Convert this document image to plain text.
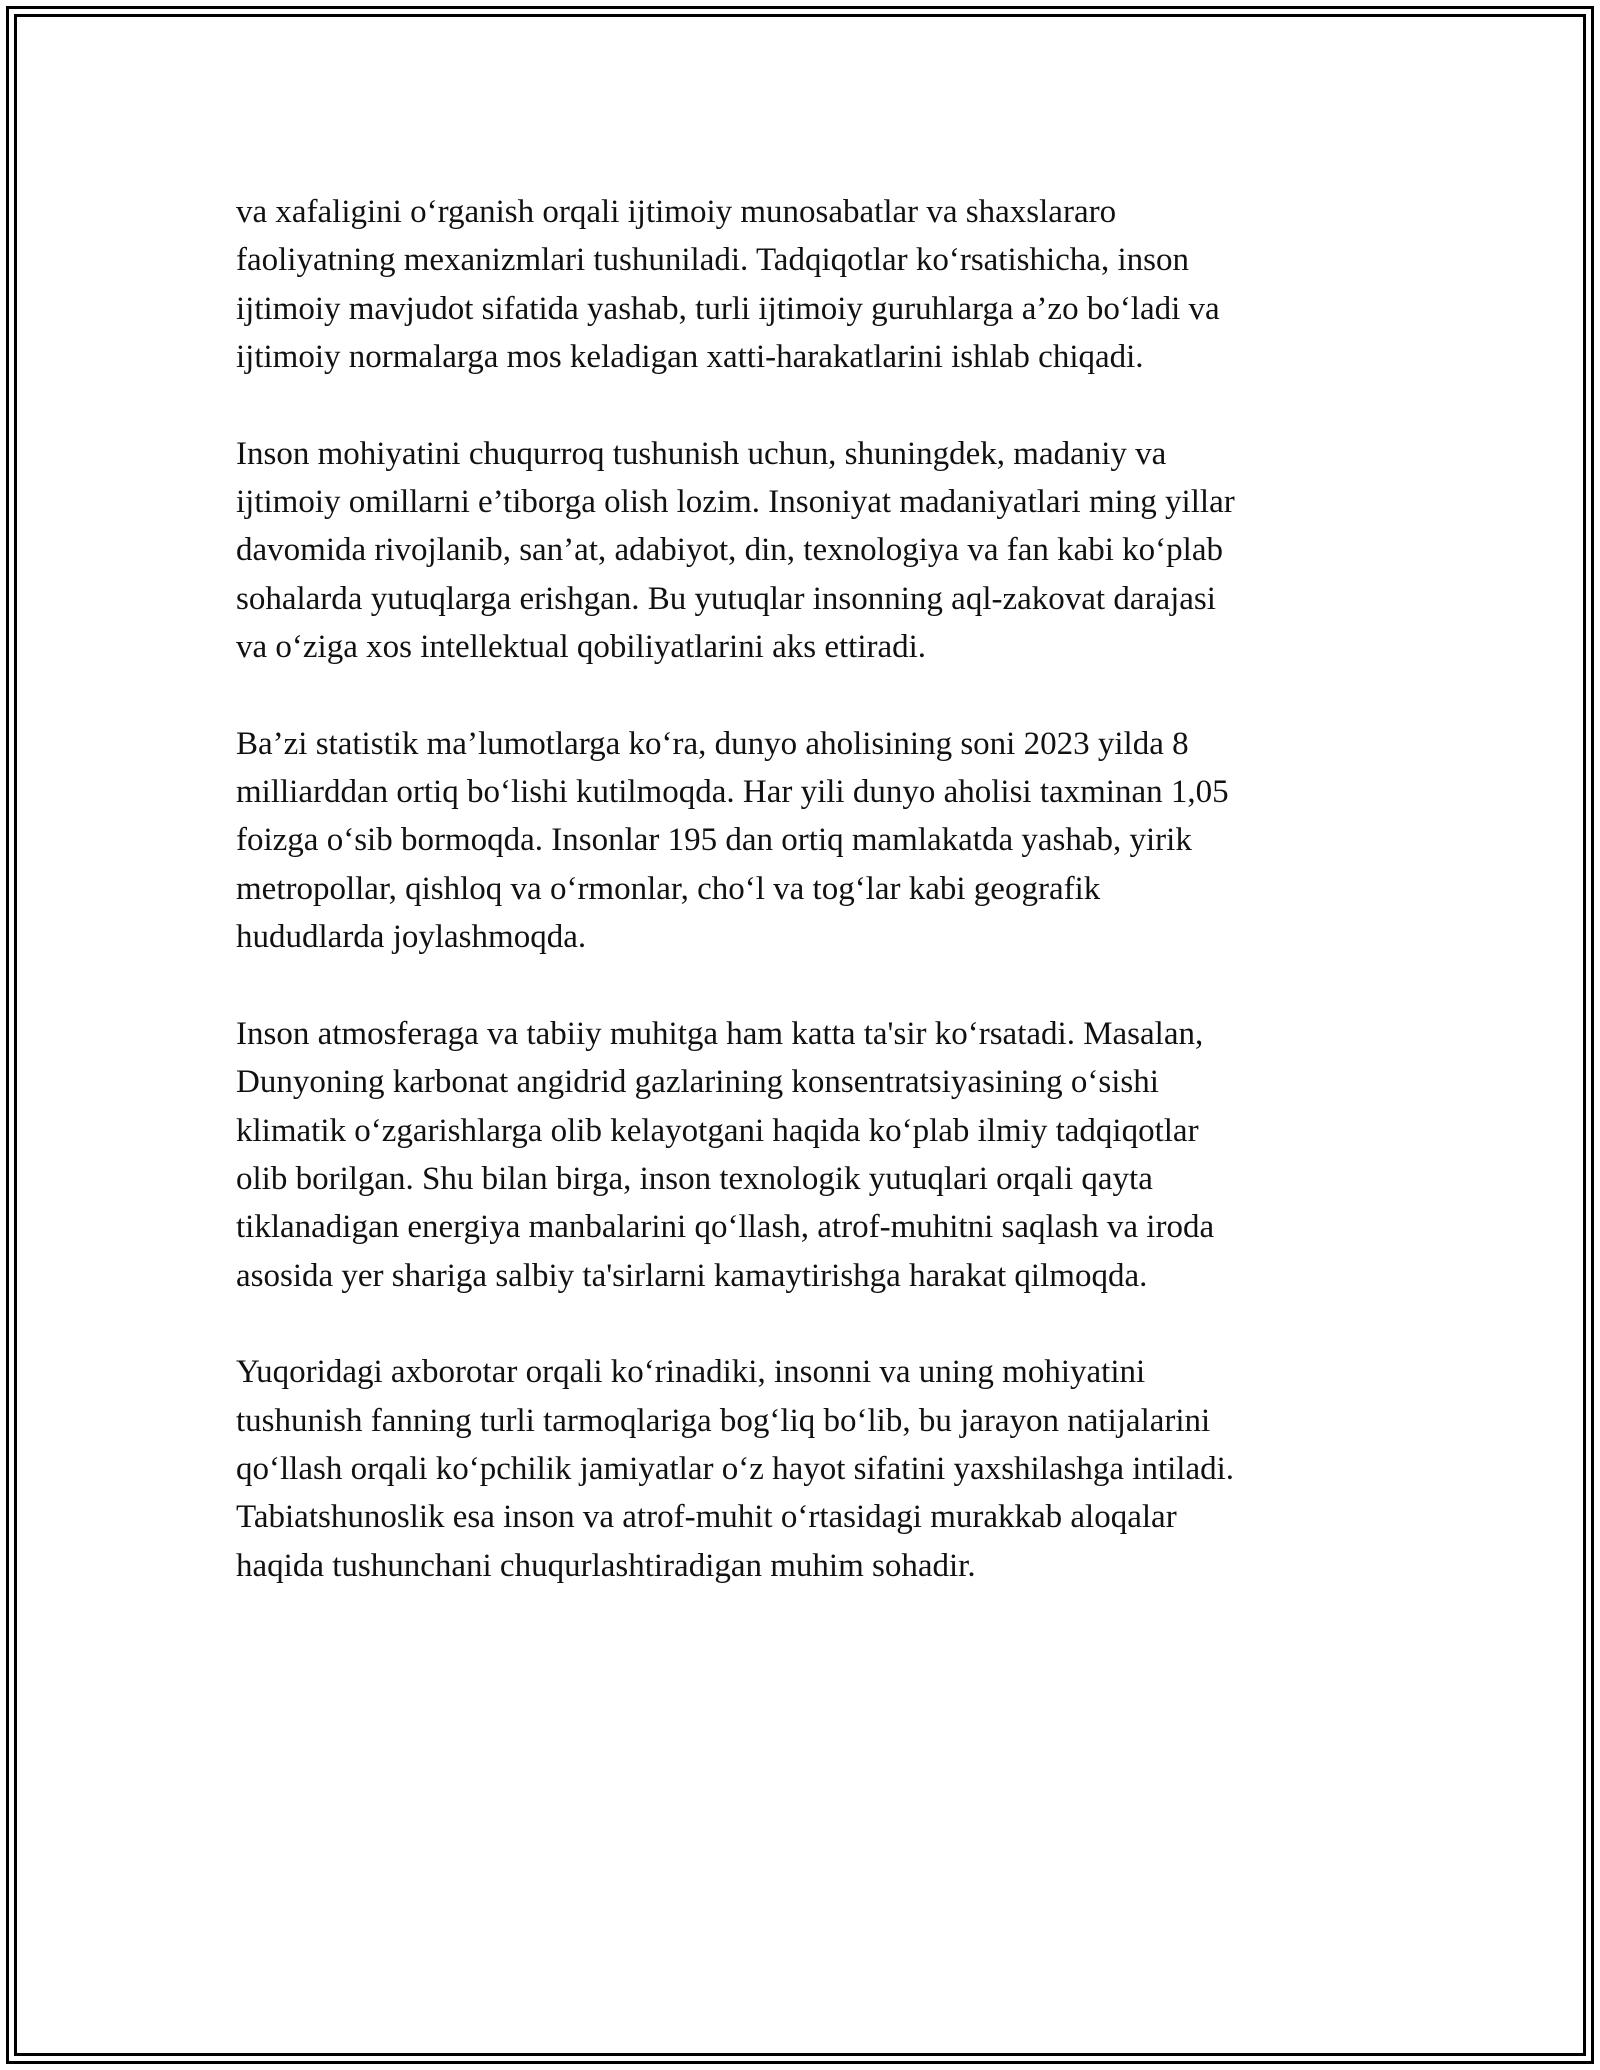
va xafaligini o‘rganish orqali ijtimoiy munosabatlar va shaxslararo
faoliyatning mexanizmlari tushuniladi. Tadqiqotlar ko‘rsatishicha, inson
ijtimoiy mavjudot sifatida yashab, turli ijtimoiy guruhlarga a’zo bo‘ladi va
ijtimoiy normalarga mos keladigan xatti-harakatlarini ishlab chiqadi.

Inson mohiyatini chuqurroq tushunish uchun, shuningdek, madaniy va
ijtimoiy omillarni e’tiborga olish lozim. Insoniyat madaniyatlari ming yillar
davomida rivojlanib, san’at, adabiyot, din, texnologiya va fan kabi ko‘plab
sohalarda yutuqlarga erishgan. Bu yutuqlar insonning aql-zakovat darajasi
va o‘ziga xos intellektual qobiliyatlarini aks ettiradi.

Ba’zi statistik ma’lumotlarga ko‘ra, dunyo aholisining soni 2023 yilda 8
milliarddan ortiq bo‘lishi kutilmoqda. Har yili dunyo aholisi taxminan 1,05
foizga o‘sib bormoqda. Insonlar 195 dan ortiq mamlakatda yashab, yirik
metropollar, qishloq va o‘rmonlar, cho‘l va tog‘lar kabi geografik
hududlarda joylashmoqda.

Inson atmosferaga va tabiiy muhitga ham katta ta'sir ko‘rsatadi. Masalan,
Dunyoning karbonat angidrid gazlarining konsentratsiyasining o‘sishi
klimatik o‘zgarishlarga olib kelayotgani haqida ko‘plab ilmiy tadqiqotlar
olib borilgan. Shu bilan birga, inson texnologik yutuqlari orqali qayta
tiklanadigan energiya manbalarini qo‘llash, atrof-muhitni saqlash va iroda
asosida yer shariga salbiy ta'sirlarni kamaytirishga harakat qilmoqda.

Yuqoridagi axborotar orqali ko‘rinadiki, insonni va uning mohiyatini
tushunish fanning turli tarmoqlariga bog‘liq bo‘lib, bu jarayon natijalarini
qo‘llash orqali ko‘pchilik jamiyatlar o‘z hayot sifatini yaxshilashga intiladi.
Tabiatshunoslik esa inson va atrof-muhit o‘rtasidagi murakkab aloqalar
haqida tushunchani chuqurlashtiradigan muhim sohadir.
